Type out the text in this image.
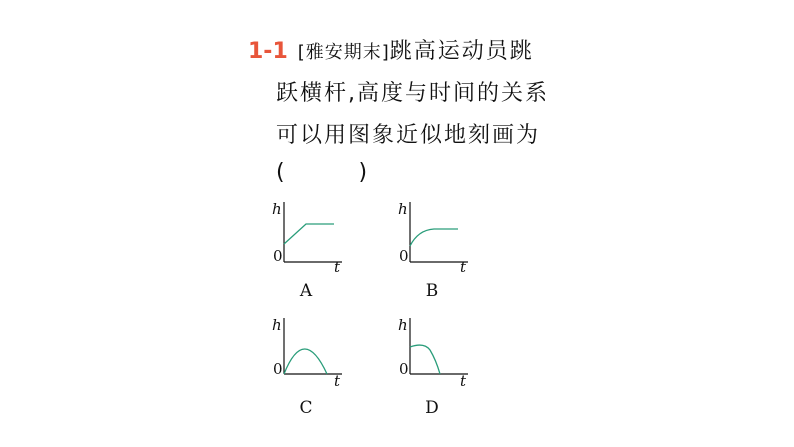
1-1 [雅安期末]跳高运动员跳
跃横杆,高度与时间的关系
可以用图象近似地刻画为
(        )
h
t
0
A
h
t
0
B
h
t
0
C
h
t
0
D
